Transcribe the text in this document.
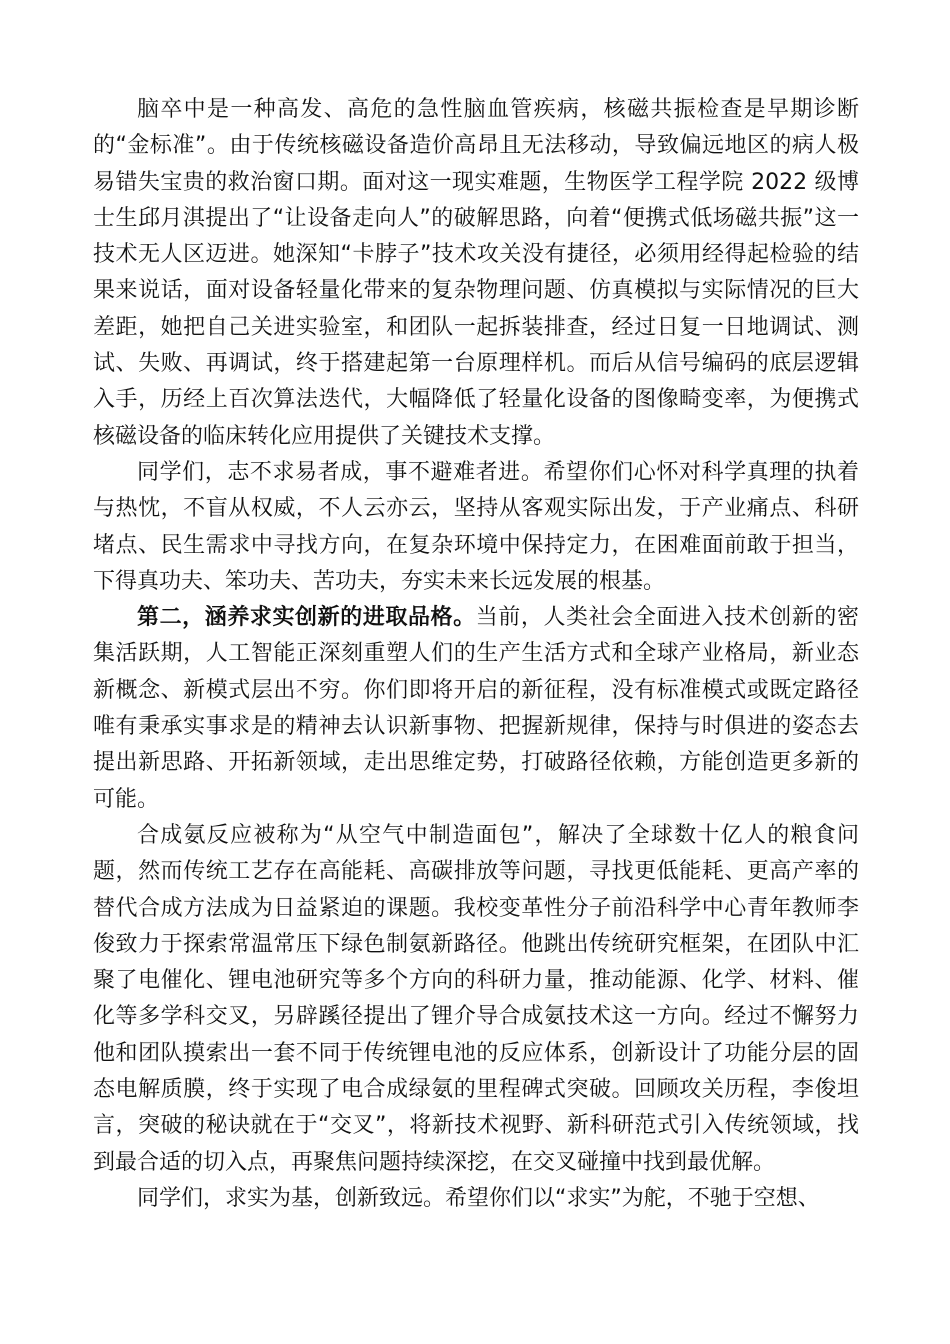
脑卒中是一种高发、高危的急性脑血管疾病，核磁共振检查是早期诊断的“金标准”。由于传统核磁设备造价高昂且无法移动，导致偏远地区的病人极易错失宝贵的救治窗口期。面对这一现实难题，生物医学工程学院 2022 级博士生邱月淇提出了“让设备走向人”的破解思路，向着“便携式低场磁共振”这一技术无人区迈进。她深知“卡脖子”技术攻关没有捷径，必须用经得起检验的结果来说话，面对设备轻量化带来的复杂物理问题、仿真模拟与实际情况的巨大差距，她把自己关进实验室，和团队一起拆装排查，经过日复一日地调试、测试、失败、再调试，终于搭建起第一台原理样机。而后从信号编码的底层逻辑入手，历经上百次算法迭代，大幅降低了轻量化设备的图像畸变率，为便携式核磁设备的临床转化应用提供了关键技术支撑。

同学们，志不求易者成，事不避难者进。希望你们心怀对科学真理的执着与热忱，不盲从权威，不人云亦云，坚持从客观实际出发，于产业痛点、科研堵点、民生需求中寻找方向，在复杂环境中保持定力，在困难面前敢于担当，下得真功夫、笨功夫、苦功夫，夯实未来长远发展的根基。

第二，涵养求实创新的进取品格。当前，人类社会全面进入技术创新的密集活跃期，人工智能正深刻重塑人们的生产生活方式和全球产业格局，新业态新概念、新模式层出不穷。你们即将开启的新征程，没有标准模式或既定路径唯有秉承实事求是的精神去认识新事物、把握新规律，保持与时俱进的姿态去提出新思路、开拓新领域，走出思维定势，打破路径依赖，方能创造更多新的可能。

合成氨反应被称为“从空气中制造面包”，解决了全球数十亿人的粮食问题，然而传统工艺存在高能耗、高碳排放等问题，寻找更低能耗、更高产率的替代合成方法成为日益紧迫的课题。我校变革性分子前沿科学中心青年教师李俊致力于探索常温常压下绿色制氨新路径。他跳出传统研究框架，在团队中汇聚了电催化、锂电池研究等多个方向的科研力量，推动能源、化学、材料、催化等多学科交叉，另辟蹊径提出了锂介导合成氨技术这一方向。经过不懈努力他和团队摸索出一套不同于传统锂电池的反应体系，创新设计了功能分层的固态电解质膜，终于实现了电合成绿氨的里程碑式突破。回顾攻关历程，李俊坦言，突破的秘诀就在于“交叉”，将新技术视野、新科研范式引入传统领域，找到最合适的切入点，再聚焦问题持续深挖，在交叉碰撞中找到最优解。

同学们，求实为基，创新致远。希望你们以“求实”为舵，不驰于空想、
